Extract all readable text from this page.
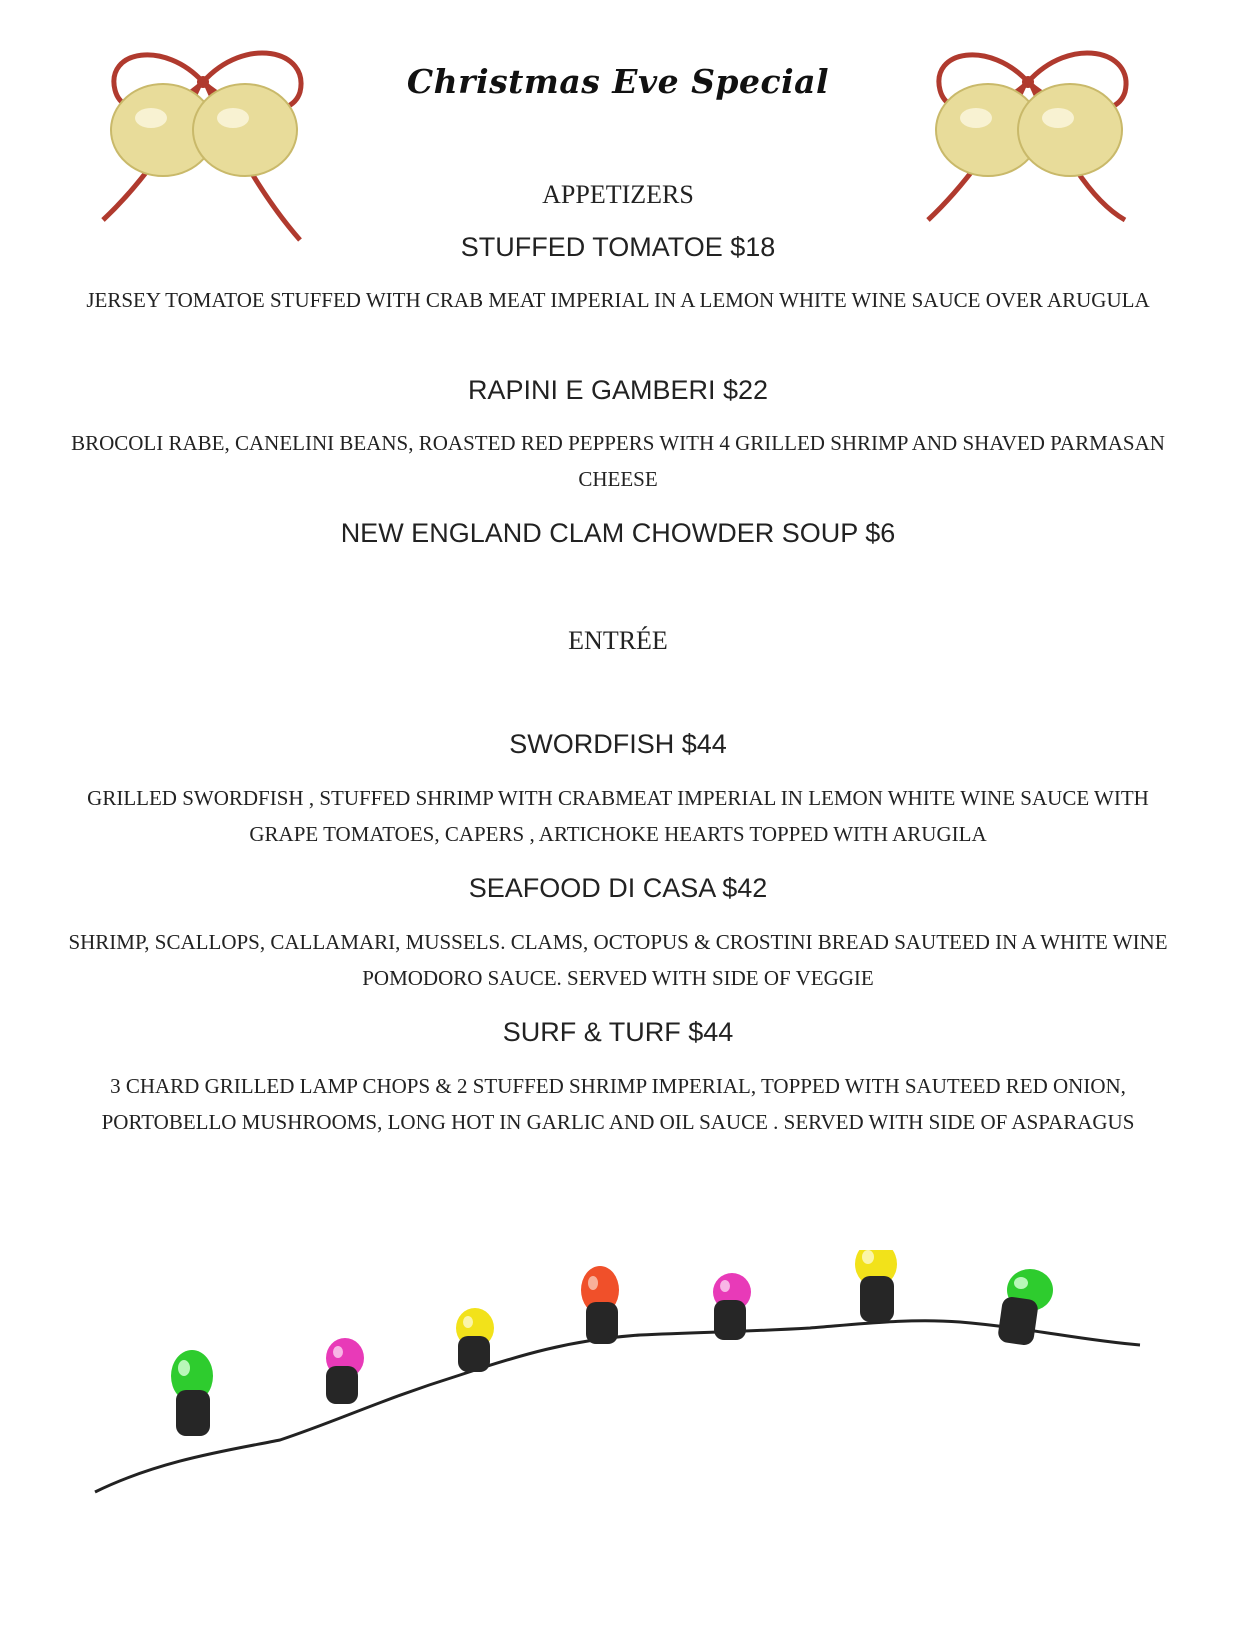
Christmas Eve Special
APPETIZERS
STUFFED TOMATOE $18
JERSEY TOMATOE STUFFED WITH CRAB MEAT IMPERIAL IN A LEMON WHITE WINE SAUCE OVER ARUGULA
RAPINI E GAMBERI $22
BROCOLI RABE, CANELINI BEANS, ROASTED RED PEPPERS WITH 4 GRILLED SHRIMP AND SHAVED PARMASAN CHEESE
NEW ENGLAND CLAM CHOWDER SOUP $6
ENTRÉE
SWORDFISH $44
GRILLED SWORDFISH , STUFFED SHRIMP WITH CRABMEAT IMPERIAL IN LEMON WHITE WINE SAUCE WITH GRAPE TOMATOES, CAPERS , ARTICHOKE HEARTS TOPPED WITH ARUGILA
SEAFOOD DI CASA $42
SHRIMP, SCALLOPS, CALLAMARI, MUSSELS. CLAMS, OCTOPUS & CROSTINI BREAD SAUTEED IN A WHITE WINE POMODORO SAUCE. SERVED WITH SIDE OF VEGGIE
SURF & TURF $44
3 CHARD GRILLED LAMP CHOPS & 2 STUFFED SHRIMP IMPERIAL, TOPPED WITH SAUTEED RED ONION, PORTOBELLO MUSHROOMS, LONG HOT IN GARLIC AND OIL SAUCE . SERVED WITH SIDE OF ASPARAGUS
